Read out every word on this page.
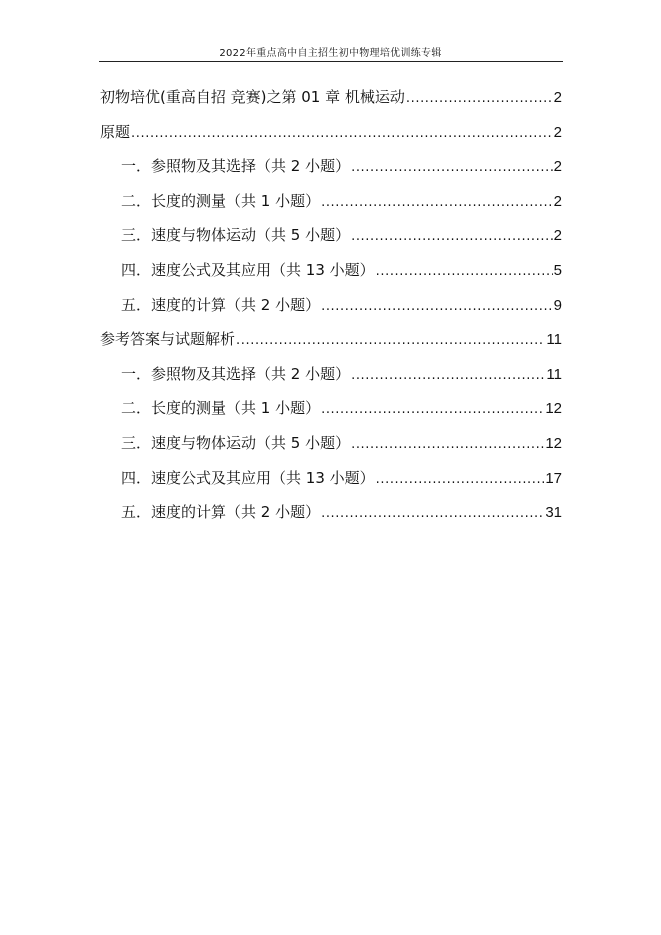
2022年重点高中自主招生初中物理培优训练专辑
初物培优(重高自招 竞赛)之第 01 章 机械运动 .....	2
原题 .....	2
一．参照物及其选择（共 2 小题） .....	2
二．长度的测量（共 1 小题） .....	2
三．速度与物体运动（共 5 小题） .....	2
四．速度公式及其应用（共 13 小题） .....	5
五．速度的计算（共 2 小题） .....	9
参考答案与试题解析 .....	11
一．参照物及其选择（共 2 小题） .....	11
二．长度的测量（共 1 小题） .....	12
三．速度与物体运动（共 5 小题） .....	12
四．速度公式及其应用（共 13 小题） .....	17
五．速度的计算（共 2 小题） .....	31
